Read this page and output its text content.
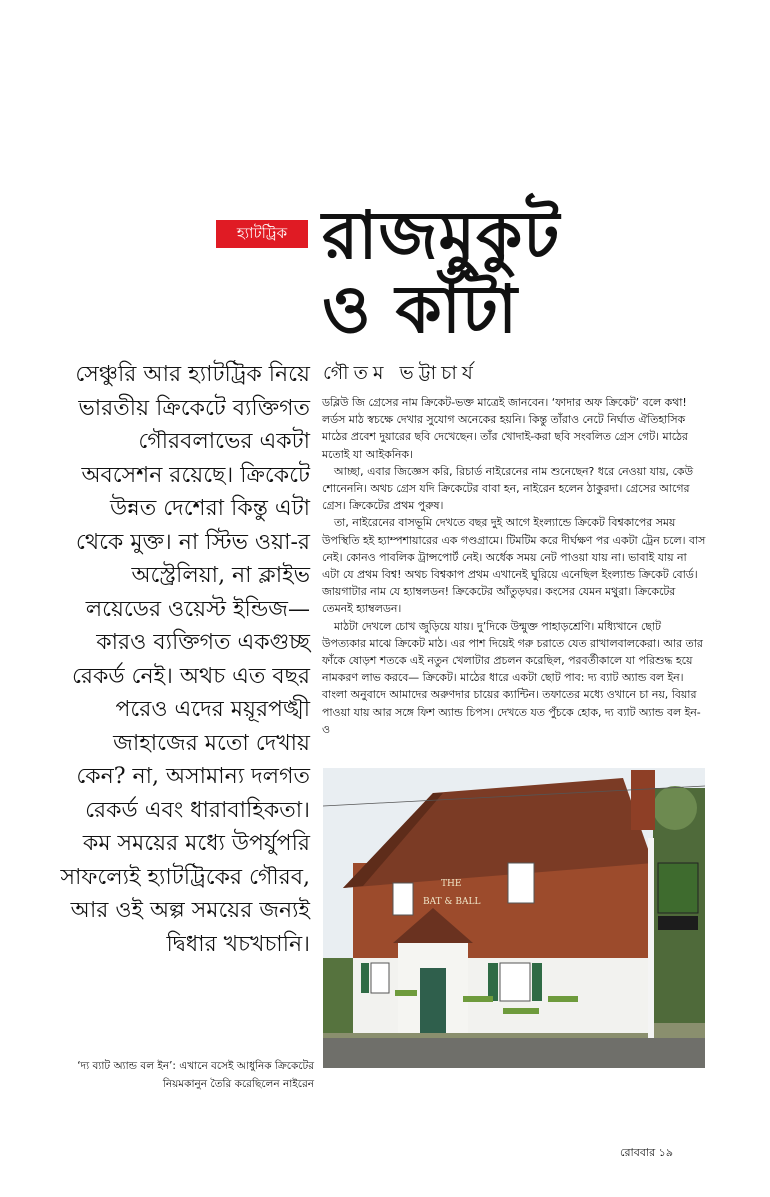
হ্যাটট্রিক রাজমুকুট
ও কাঁটা

সেঞ্চুরি আর হ্যাটট্রিক নিয়ে ভারতীয় ক্রিকেটে ব্যক্তিগত গৌরবলাভের একটা অবসেশন রয়েছে। ক্রিকেটে উন্নত দেশেরা কিন্তু এটা থেকে মুক্ত। না স্টিভ ওয়া-র অস্ট্রেলিয়া, না ক্লাইভ লয়েডের ওয়েস্ট ইন্ডিজ— কারও ব্যক্তিগত একগুচ্ছ রেকর্ড নেই। অথচ এত বছর পরেও এদের ময়ূরপঙ্খী জাহাজের মতো দেখায় কেন? না, অসামান্য দলগত রেকর্ড এবং ধারাবাহিকতা। কম সময়ের মধ্যে উপর্যুপরি সাফল্যেই হ্যাটট্রিকের গৌরব, আর ওই অল্প সময়ের জন্যই দ্বিধার খচখচানি।

গৌতম ভট্টাচার্য

ডব্লিউ জি গ্রেসের নাম ক্রিকেট-ভক্ত মাত্রেই জানবেন। ‘ফাদার অফ ক্রিকেট’ বলে কথা! লর্ডস মাঠ স্বচক্ষে দেখার সুযোগ অনেকের হয়নি। কিন্তু তাঁরাও নেটে নির্ঘাত ঐতিহাসিক মাঠের প্রবেশ দুয়ারের ছবি দেখেছেন। তাঁর খোদাই-করা ছবি সংবলিত গ্রেস গেট। মাঠের মতোই যা আইকনিক।

আচ্ছা, এবার জিজ্ঞেস করি, রিচার্ড নাইরেনের নাম শুনেছেন? ধরে নেওয়া যায়, কেউ শোনেননি। অথচ গ্রেস যদি ক্রিকেটের বাবা হন, নাইরেন হলেন ঠাকুরদা। গ্রেসের আগের গ্রেস। ক্রিকেটের প্রথম পুরুষ।

তা, নাইরেনের বাসভূমি দেখতে বছর দুই আগে ইংল্যান্ডে ক্রিকেট বিশ্বকাপের সময় উপস্থিতি হই হ্যাম্পশায়ারের এক গণ্ডগ্রামে। টিমটিম করে দীর্ঘক্ষণ পর একটা ট্রেন চলে। বাস নেই। কোনও পাবলিক ট্রান্সপোর্ট নেই। অর্ধেক সময় নেট পাওয়া যায় না। ভাবাই যায় না এটা যে প্রথম বিশ্ব! অথচ বিশ্বকাপ প্রথম এখানেই ঘুরিয়ে এনেছিল ইংল্যান্ড ক্রিকেট বোর্ড। জায়গাটার নাম যে হ্যাম্বলডন! ক্রিকেটের আঁতুড়ঘর। কংসের যেমন মথুরা। ক্রিকেটের তেমনই হ্যাম্বলডন।

মাঠটা দেখলে চোখ জুড়িয়ে যায়। দু’দিকে উন্মুক্ত পাহাড়শ্রেণি। মধ্যিখানে ছোট উপত্যকার মাঝে ক্রিকেট মাঠ। এর পাশ দিয়েই গরু চরাতে যেত রাখালবালকেরা। আর তার ফাঁকে ষোড়শ শতকে এই নতুন খেলাটার প্রচলন করেছিল, পরবর্তীকালে যা পরিশুদ্ধ হয়ে নামকরণ লাভ করবে— ক্রিকেট। মাঠের ধারে একটা ছোট পাব: দ্য ব্যাট অ্যান্ড বল ইন। বাংলা অনুবাদে আমাদের অরুণদার চায়ের ক্যান্টিন। তফাতের মধ্যে ওখানে চা নয়, বিয়ার পাওয়া যায় আর সঙ্গে ফিশ অ্যান্ড চিপস। দেখতে যত পুঁচকে হোক, দ্য ব্যাট অ্যান্ড বল ইন-ও

THE
BAT & BALL
‘দ্য ব্যাট অ্যান্ড বল ইন’: এখানে বসেই আধুনিক ক্রিকেটের নিয়মকানুন তৈরি করেছিলেন নাইরেন
রোববার ১৯
